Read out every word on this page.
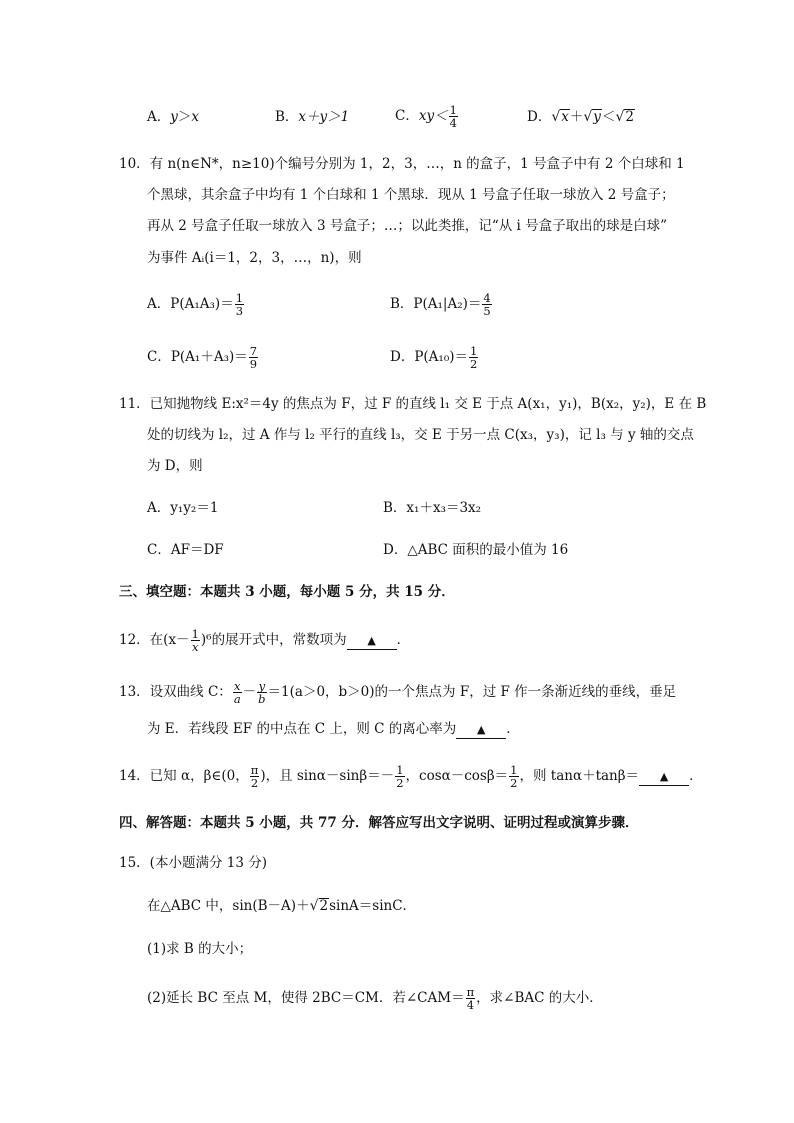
A．y＞x	B．x＋y＞1	C．$xy< \frac{1}{4}$	D．√x＋√y＜√2
10．有 n(n∈N*，n≥10)个编号分别为 1，2，3，…，n 的盒子，1 号盒子中有 2 个白球和 1
个黑球，其余盒子中均有 1 个白球和 1 个黑球．现从 1 号盒子任取一球放入 2 号盒子；
再从 2 号盒子任取一球放入 3 号盒子；…；以此类推，记“从 i 号盒子取出的球是白球”
为事件 Aᵢ(i＝1，2，3，…，n)，则
A．$P(A_1A_3)= \frac{1}{3}$	B．$P(A_1|A_2)= \frac{4}{5}$
C．$P(A_1+A_3)= \frac{7}{9}$	D．$P(A_{10})= \frac{1}{2}$
11．已知抛物线 E:x²＝4y 的焦点为 F，过 F 的直线 l₁ 交 E 于点 A(x₁，y₁)，B(x₂，y₂)，E 在 B
处的切线为 l₂，过 A 作与 l₂ 平行的直线 l₃，交 E 于另一点 C(x₃，y₃)，记 l₃ 与 y 轴的交点
为 D，则
A．y₁y₂＝1	B．x₁＋x₃＝3x₂
C．AF＝DF	D．△ABC 面积的最小值为 16
三、填空题：本题共 3 小题，每小题 5 分，共 15 分．
12．在$(x- \frac{1}{x} )^6$的展开式中，常数项为 ▲ ．
13．设双曲线 C： $\frac{x}{a} - \frac{y}{b} =1(a>0$，b＞0)的一个焦点为 F，过 F 作一条渐近线的垂线，垂足
为 E．若线段 EF 的中点在 C 上，则 C 的离心率为 ▲ ．
14．已知 α，β∈(0， $\frac{\pi}{2}$ )，且 $\sin\alpha-\sin\beta=- \frac{1}{2}$ ，$\cos\alpha-\cos\beta= \frac{1}{2}$ ，则 tanα＋tanβ＝ ▲ ．
四、解答题：本题共 5 小题，共 77 分．解答应写出文字说明、证明过程或演算步骤．
15．(本小题满分 13 分)
在△ABC 中，sin(B－A)＋√2sinA＝sinC．
(1)求 B 的大小；
(2)延长 BC 至点 M，使得 2BC＝CM．若∠CAM＝ $\frac{\pi}{4}$ ，求∠BAC 的大小．
